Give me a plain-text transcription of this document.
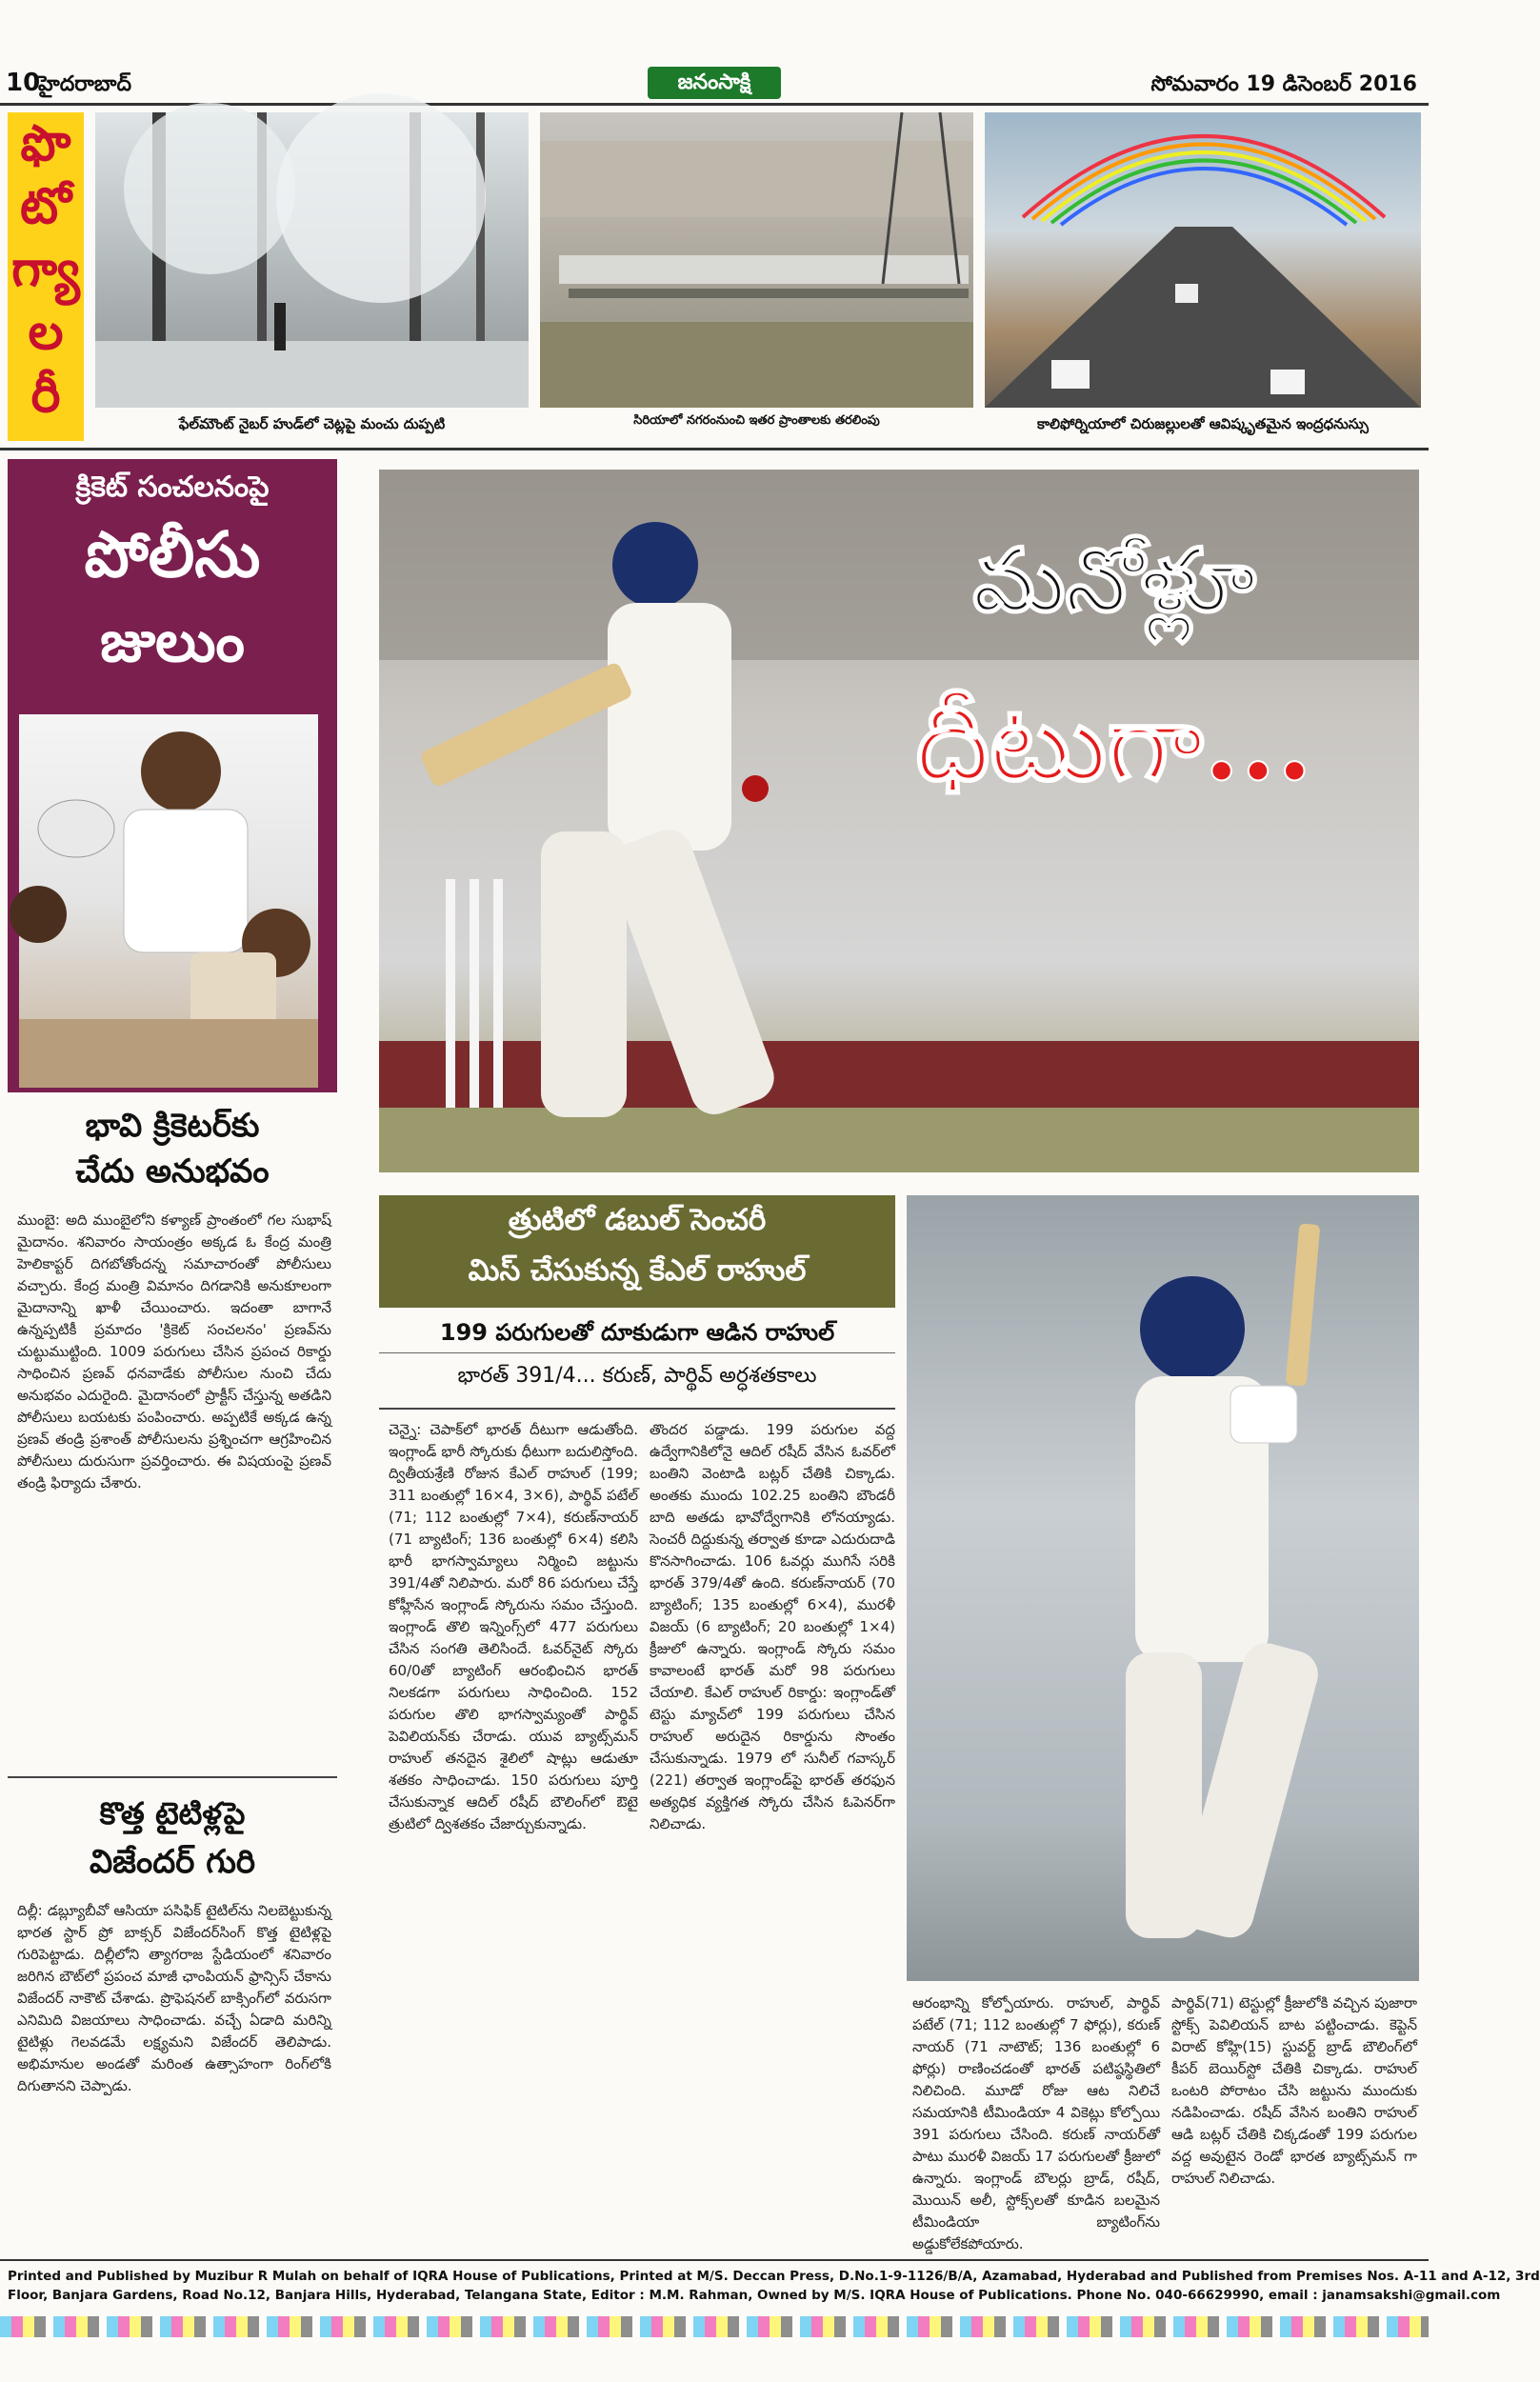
10
హైదరాబాద్	జనంసాక్షి	సోమవారం 19 డిసెంబర్ 2016
ఫొ
టో
గ్యా
ల
రీ	ఫేల్‌మౌంట్ నైబర్ హుడ్‌లో చెట్లపై మంచు దుప్పటి	సిరియాలో నగరంనుంచి ఇతర ప్రాంతాలకు తరలింపు	కాలిఫోర్నియాలో చిరుజల్లులతో ఆవిష్కృతమైన ఇంద్రధనుస్సు
క్రికెట్ సంచలనంపై
పోలీసు
జులుం
భావి క్రికెటర్‌కు
చేదు అనుభవం
ముంబై: అది ముంబైలోని కళ్యాణ్ ప్రాంతంలో గల సుభాష్ మైదానం. శనివారం సాయంత్రం అక్కడ ఓ కేంద్ర మంత్రి హెలికాప్టర్ దిగబోతోందన్న సమాచారంతో పోలీసులు వచ్చారు. కేంద్ర మంత్రి విమానం దిగడానికి అనుకూలంగా మైదానాన్ని ఖాళీ చేయించారు. ఇదంతా బాగానే ఉన్నప్పటికీ ప్రమాదం 'క్రికెట్ సంచలనం' ప్రణవ్‌ను చుట్టుముట్టింది. 1009 పరుగులు చేసిన ప్రపంచ రికార్డు సాధించిన ప్రణవ్ ధనవాడేకు పోలీసుల నుంచి చేదు అనుభవం ఎదురైంది. మైదానంలో ప్రాక్టీస్ చేస్తున్న అతడిని పోలీసులు బయటకు పంపించారు. అప్పటికే అక్కడ ఉన్న ప్రణవ్ తండ్రి ప్రశాంత్ పోలీసులను ప్రశ్నించగా ఆగ్రహించిన పోలీసులు దురుసుగా ప్రవర్తించారు. ఈ విషయంపై ప్రణవ్ తండ్రి ఫిర్యాదు చేశారు.
కొత్త టైటిళ్లపై
విజేందర్ గురి
దిల్లీ: డబ్ల్యూబీవో ఆసియా పసిఫిక్ టైటిల్‌ను నిలబెట్టుకున్న భారత స్టార్ ప్రో బాక్సర్ విజేందర్‌సింగ్ కొత్త టైటిళ్లపై గురిపెట్టాడు. దిల్లీలోని త్యాగరాజ స్టేడియంలో శనివారం జరిగిన బౌట్‌లో ప్రపంచ మాజీ ఛాంపియన్ ఫ్రాన్సిస్ చేకాను విజేందర్ నాకౌట్ చేశాడు. ప్రొఫెషనల్ బాక్సింగ్‌లో వరుసగా ఎనిమిది విజయాలు సాధించాడు. వచ్చే ఏడాది మరిన్ని టైటిళ్లు గెలవడమే లక్ష్యమని విజేందర్ తెలిపాడు. అభిమానుల అండతో మరింత ఉత్సాహంగా రింగ్‌లోకి దిగుతానని చెప్పాడు.
మనోళ్లూ
ధీటుగా...
త్రుటిలో డబుల్ సెంచరీ
మిస్ చేసుకున్న కేఎల్ రాహుల్
199 పరుగులతో దూకుడుగా ఆడిన రాహుల్
భారత్ 391/4... కరుణ్, పార్థివ్ అర్ధశతకాలు
చెన్నై: చెపాక్‌లో భారత్ దీటుగా ఆడుతోంది. ఇంగ్లాండ్ భారీ స్కోరుకు ధీటుగా బదులిస్తోంది. ద్వితీయశ్రేణి రోజున కేఎల్ రాహుల్ (199; 311 బంతుల్లో 16×4, 3×6), పార్థివ్ పటేల్ (71; 112 బంతుల్లో 7×4), కరుణ్‌నాయర్ (71 బ్యాటింగ్; 136 బంతుల్లో 6×4) కలిసి భారీ భాగస్వామ్యాలు నిర్మించి జట్టును 391/4తో నిలిపారు. మరో 86 పరుగులు చేస్తే కోహ్లీసేన ఇంగ్లాండ్ స్కోరును సమం చేస్తుంది. ఇంగ్లాండ్‌ తొలి ఇన్నింగ్స్‌లో 477 పరుగులు చేసిన సంగతి తెలిసిందే. ఓవర్‌నైట్ స్కోరు 60/0తో బ్యాటింగ్ ఆరంభించిన భారత్ నిలకడగా పరుగులు సాధించింది. 152 పరుగుల తొలి భాగస్వామ్యంతో పార్థివ్ పెవిలియన్‌కు చేరాడు. యువ బ్యాట్స్‌మన్ రాహుల్ తనదైన శైలిలో షాట్లు ఆడుతూ శతకం సాధించాడు. 150 పరుగులు పూర్తి చేసుకున్నాక ఆదిల్ రషీద్ బౌలింగ్‌లో ఔటై త్రుటిలో ద్విశతకం చేజార్చుకున్నాడు.
తొందర పడ్డాడు. 199 పరుగుల వద్ద ఉద్వేగానికిలోనై ఆదిల్ రషీద్ వేసిన ఓవర్‌లో బంతిని వెంటాడి బట్లర్ చేతికి చిక్కాడు. అంతకు ముందు 102.25 బంతిని బౌండరీ బాది అతడు భావోద్వేగానికి లోనయ్యాడు. సెంచరీ దిద్దుకున్న తర్వాత కూడా ఎదురుదాడి కొనసాగించాడు. 106 ఓవర్లు ముగిసే సరికి భారత్ 379/4తో ఉంది. కరుణ్‌నాయర్ (70 బ్యాటింగ్; 135 బంతుల్లో 6×4), మురళీ విజయ్ (6 బ్యాటింగ్; 20 బంతుల్లో 1×4) క్రీజులో ఉన్నారు. ఇంగ్లాండ్ స్కోరు సమం కావాలంటే భారత్ మరో 98 పరుగులు చేయాలి. కేఎల్ రాహుల్ రికార్డు: ఇంగ్లాండ్‌తో టెస్టు మ్యాచ్‌లో 199 పరుగులు చేసిన రాహుల్ అరుదైన రికార్డును సొంతం చేసుకున్నాడు. 1979 లో సునీల్ గవాస్కర్ (221) తర్వాత ఇంగ్లాండ్‌పై భారత్ తరఫున అత్యధిక వ్యక్తిగత స్కోరు చేసిన ఓపెనర్‌గా నిలిచాడు.
ఆరంభాన్ని కోల్పోయారు. రాహుల్, పార్థివ్ పటేల్ (71; 112 బంతుల్లో 7 ఫోర్లు), కరుణ్ నాయర్ (71 నాటౌట్; 136 బంతుల్లో 6 ఫోర్లు) రాణించడంతో భారత్ పటిష్ఠస్థితిలో నిలిచింది. మూడో రోజు ఆట నిలిచే సమయానికి టీమిండియా 4 వికెట్లు కోల్పోయి 391 పరుగులు చేసింది. కరుణ్ నాయర్‌తో పాటు మురళీ విజయ్ 17 పరుగులతో క్రీజులో ఉన్నారు. ఇంగ్లాండ్ బౌలర్లు బ్రాడ్, రషీద్, మొయిన్ అలీ, స్టోక్స్‌లతో కూడిన బలమైన టీమిండియా బ్యాటింగ్‌ను అడ్డుకోలేకపోయారు.
పార్థివ్(71) టెస్టుల్లో క్రీజులోకి వచ్చిన పుజారా స్టోక్స్ పెవిలియన్ బాట పట్టించాడు. కెప్టెన్ విరాట్ కోహ్లి(15) స్టువర్ట్ బ్రాడ్ బౌలింగ్‌లో కీపర్ బెయిర్‌స్టో చేతికి చిక్కాడు. రాహుల్ ఒంటరి పోరాటం చేసి జట్టును ముందుకు నడిపించాడు. రషీద్ వేసిన బంతిని రాహుల్ ఆడి బట్లర్ చేతికి చిక్కడంతో 199 పరుగుల వద్ద అవుటైన రెండో భారత బ్యాట్స్‌మన్ గా రాహుల్ నిలిచాడు.
Printed and Published by Muzibur R Mulah on behalf of IQRA House of Publications, Printed at M/S. Deccan Press, D.No.1-9-1126/B/A, Azamabad, Hyderabad and Published from Premises Nos. A-11 and A-12, 3rd
Floor, Banjara Gardens, Road No.12, Banjara Hills, Hyderabad, Telangana State, Editor : M.M. Rahman, Owned by M/S. IQRA House of Publications. Phone No. 040-66629990, email : janamsakshi@gmail.com
